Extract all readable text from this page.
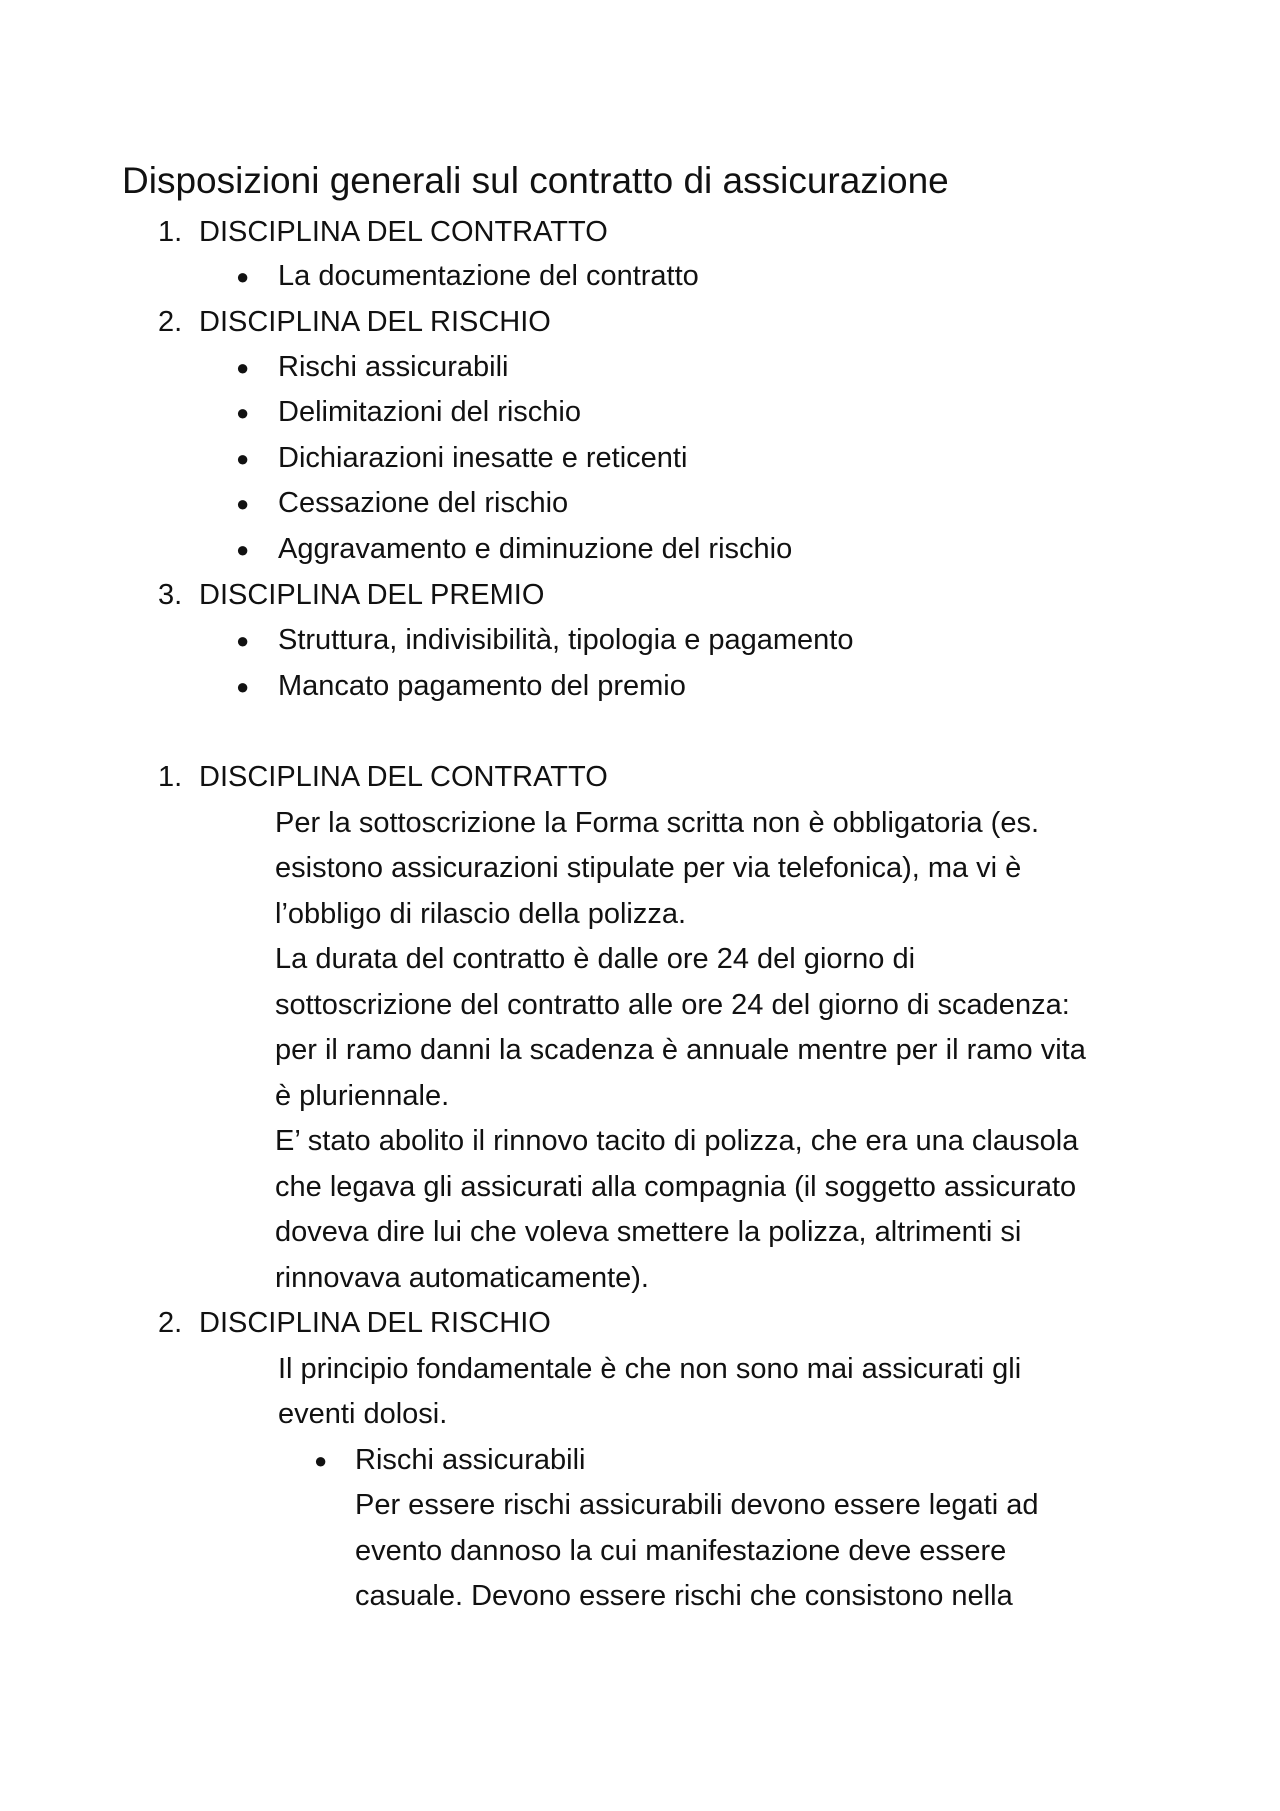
Disposizioni generali sul contratto di assicurazione
1. DISCIPLINA DEL CONTRATTO
● La documentazione del contratto
2. DISCIPLINA DEL RISCHIO
● Rischi assicurabili
● Delimitazioni del rischio
● Dichiarazioni inesatte e reticenti
● Cessazione del rischio
● Aggravamento e diminuzione del rischio
3. DISCIPLINA DEL PREMIO
● Struttura, indivisibilità, tipologia e pagamento
● Mancato pagamento del premio
1. DISCIPLINA DEL CONTRATTO
Per la sottoscrizione la Forma scritta non è obbligatoria (es.
esistono assicurazioni stipulate per via telefonica), ma vi è
l’obbligo di rilascio della polizza.
La durata del contratto è dalle ore 24 del giorno di
sottoscrizione del contratto alle ore 24 del giorno di scadenza:
per il ramo danni la scadenza è annuale mentre per il ramo vita
è pluriennale.
E’ stato abolito il rinnovo tacito di polizza, che era una clausola
che legava gli assicurati alla compagnia (il soggetto assicurato
doveva dire lui che voleva smettere la polizza, altrimenti si
rinnovava automaticamente).
2. DISCIPLINA DEL RISCHIO
Il principio fondamentale è che non sono mai assicurati gli
eventi dolosi.
● Rischi assicurabili
Per essere rischi assicurabili devono essere legati ad
evento dannoso la cui manifestazione deve essere
casuale. Devono essere rischi che consistono nella
